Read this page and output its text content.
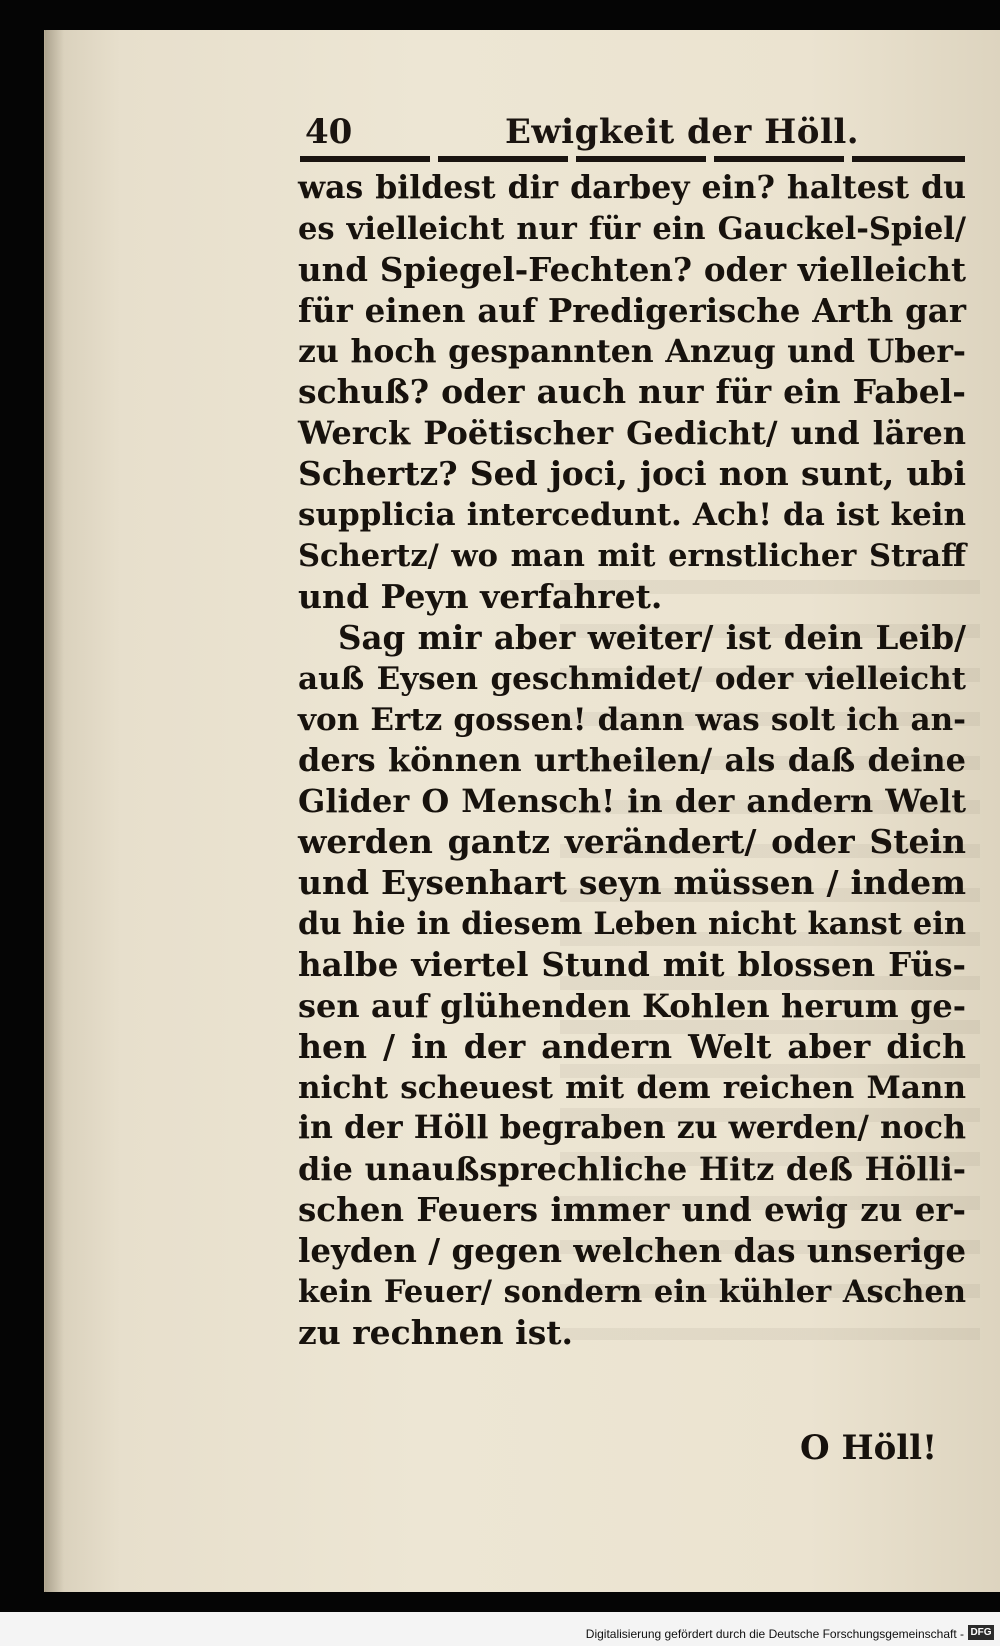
40	Ewigkeit der Höll.
was bildest dir darbey ein? haltest du
es vielleicht nur für ein Gauckel-Spiel/
und Spiegel-Fechten? oder vielleicht
für einen auf Predigerische Arth gar
zu hoch gespannten Anzug und Uber-
schuß? oder auch nur für ein Fabel-
Werck Poëtischer Gedicht/ und lären
Schertz? Sed joci, joci non sunt, ubi
supplicia intercedunt. Ach! da ist kein
Schertz/ wo man mit ernstlicher Straff
und Peyn verfahret.
Sag mir aber weiter/ ist dein Leib/
auß Eysen geschmidet/ oder vielleicht
von Ertz gossen! dann was solt ich an-
ders können urtheilen/ als daß deine
Glider O Mensch! in der andern Welt
werden gantz verändert/ oder Stein
und Eysenhart seyn müssen / indem
du hie in diesem Leben nicht kanst ein
halbe viertel Stund mit blossen Füs-
sen auf glühenden Kohlen herum ge-
hen / in der andern Welt aber dich
nicht scheuest mit dem reichen Mann
in der Höll begraben zu werden/ noch
die unaußsprechliche Hitz deß Hölli-
schen Feuers immer und ewig zu er-
leyden / gegen welchen das unserige
kein Feuer/ sondern ein kühler Aschen
zu rechnen ist.
O Höll!
Digitalisierung gefördert durch die Deutsche Forschungsgemeinschaft - DFG
